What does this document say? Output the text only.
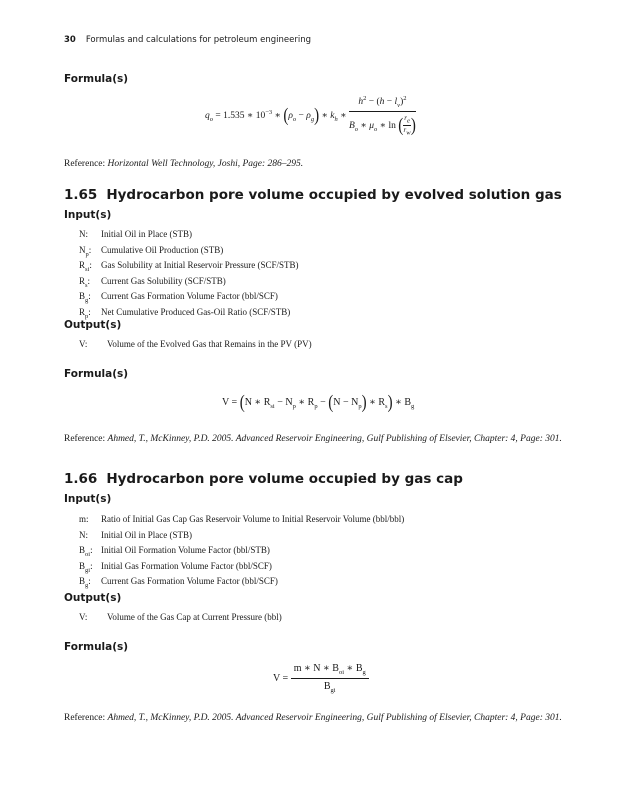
30 Formulas and calculations for petroleum engineering
Formula(s)
$q_o = 1.535$ ∗ $10^{-3}$ ∗ $(\rho_o - \rho_g)$ ∗ $k_h$ ∗ $\frac{h^2 - (h - l_v)^2}{B_o ∗ \mu_o ∗ \ln ( \frac{r_e}{r_w} )}$
Reference: Horizontal Well Technology, Joshi, Page: 286–295.
1.65 Hydrocarbon pore volume occupied by evolved solution gas
Input(s)
N:	Initial Oil in Place (STB)
$N_p$:	Cumulative Oil Production (STB)
$R_{si}$:	Gas Solubility at Initial Reservoir Pressure (SCF/STB)
$R_s$:	Current Gas Solubility (SCF/STB)
$B_g$:	Current Gas Formation Volume Factor (bbl/SCF)
$R_p$:	Net Cumulative Produced Gas-Oil Ratio (SCF/STB)
Output(s)
V:	Volume of the Evolved Gas that Remains in the PV (PV)
Formula(s)
V = (N ∗ $R_{si} - N_p$ ∗ $R_p - (N - N_p)$ ∗ $R_s$) ∗ $B_g$
Reference: Ahmed, T., McKinney, P.D. 2005. Advanced Reservoir Engineering, Gulf Publishing of Elsevier, Chapter: 4, Page: 301.
1.66 Hydrocarbon pore volume occupied by gas cap
Input(s)
m:	Ratio of Initial Gas Cap Gas Reservoir Volume to Initial Reservoir Volume (bbl/bbl)
N:	Initial Oil in Place (STB)
$B_{oi}$: Initial Oil Formation Volume Factor (bbl/STB)
$B_{gi}$: Initial Gas Formation Volume Factor (bbl/SCF)
$B_g$:	Current Gas Formation Volume Factor (bbl/SCF)
Output(s)
V:	Volume of the Gas Cap at Current Pressure (bbl)
Formula(s)
$V = \frac{m ∗ N ∗ B_{oi} ∗ B_g}{B_{gi}}$
Reference: Ahmed, T., McKinney, P.D. 2005. Advanced Reservoir Engineering, Gulf Publishing of Elsevier, Chapter: 4, Page: 301.
